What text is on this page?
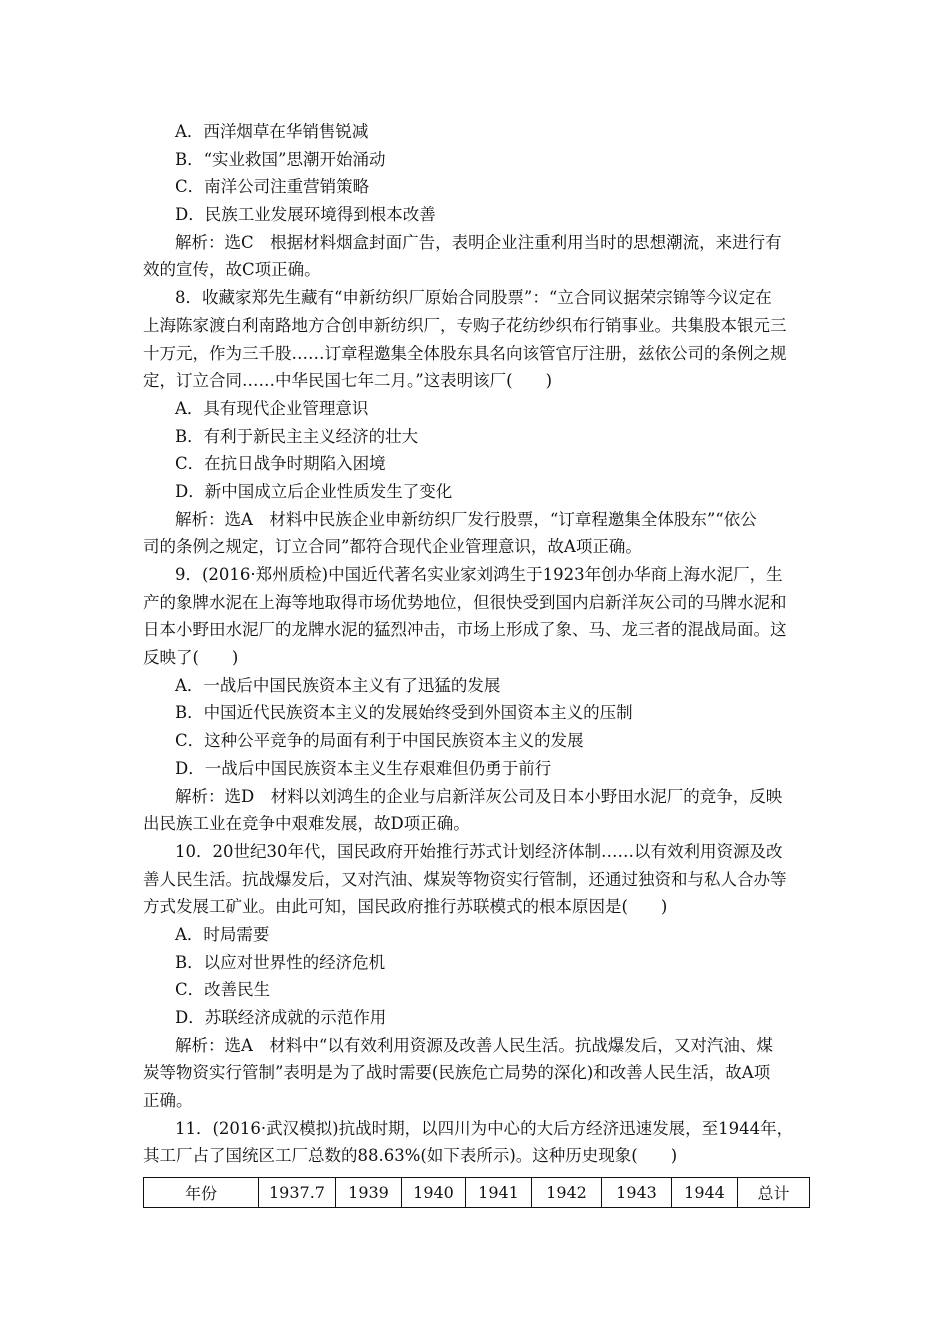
A．西洋烟草在华销售锐减
B．“实业救国”思潮开始涌动
C．南洋公司注重营销策略
D．民族工业发展环境得到根本改善
解析：选C　根据材料烟盒封面广告，表明企业注重利用当时的思想潮流，来进行有
效的宣传，故C项正确。
8．收藏家郑先生藏有“申新纺织厂原始合同股票”：“立合同议据荣宗锦等今议定在
上海陈家渡白利南路地方合创申新纺织厂，专购子花纺纱织布行销事业。共集股本银元三
十万元，作为三千股……订章程邀集全体股东具名向该管官厅注册，兹依公司的条例之规
定，订立合同……中华民国七年二月。”这表明该厂(　　)
A．具有现代企业管理意识
B．有利于新民主主义经济的壮大
C．在抗日战争时期陷入困境
D．新中国成立后企业性质发生了变化
解析：选A　材料中民族企业申新纺织厂发行股票，“订章程邀集全体股东”“依公
司的条例之规定，订立合同”都符合现代企业管理意识，故A项正确。
9．(2016·郑州质检)中国近代著名实业家刘鸿生于1923年创办华商上海水泥厂，生
产的象牌水泥在上海等地取得市场优势地位，但很快受到国内启新洋灰公司的马牌水泥和
日本小野田水泥厂的龙牌水泥的猛烈冲击，市场上形成了象、马、龙三者的混战局面。这
反映了(　　)
A．一战后中国民族资本主义有了迅猛的发展
B．中国近代民族资本主义的发展始终受到外国资本主义的压制
C．这种公平竞争的局面有利于中国民族资本主义的发展
D．一战后中国民族资本主义生存艰难但仍勇于前行
解析：选D　材料以刘鸿生的企业与启新洋灰公司及日本小野田水泥厂的竞争，反映
出民族工业在竞争中艰难发展，故D项正确。
10．20世纪30年代，国民政府开始推行苏式计划经济体制……以有效利用资源及改
善人民生活。抗战爆发后，又对汽油、煤炭等物资实行管制，还通过独资和与私人合办等
方式发展工矿业。由此可知，国民政府推行苏联模式的根本原因是(　　)
A．时局需要
B．以应对世界性的经济危机
C．改善民生
D．苏联经济成就的示范作用
解析：选A　材料中“以有效利用资源及改善人民生活。抗战爆发后，又对汽油、煤
炭等物资实行管制”表明是为了战时需要(民族危亡局势的深化)和改善人民生活，故A项
正确。
11．(2016·武汉模拟)抗战时期，以四川为中心的大后方经济迅速发展，至1944年，
其工厂占了国统区工厂总数的88.63%(如下表所示)。这种历史现象(　　)
年份	1937.7	1939	1940	1941	1942	1943	1944	总计
